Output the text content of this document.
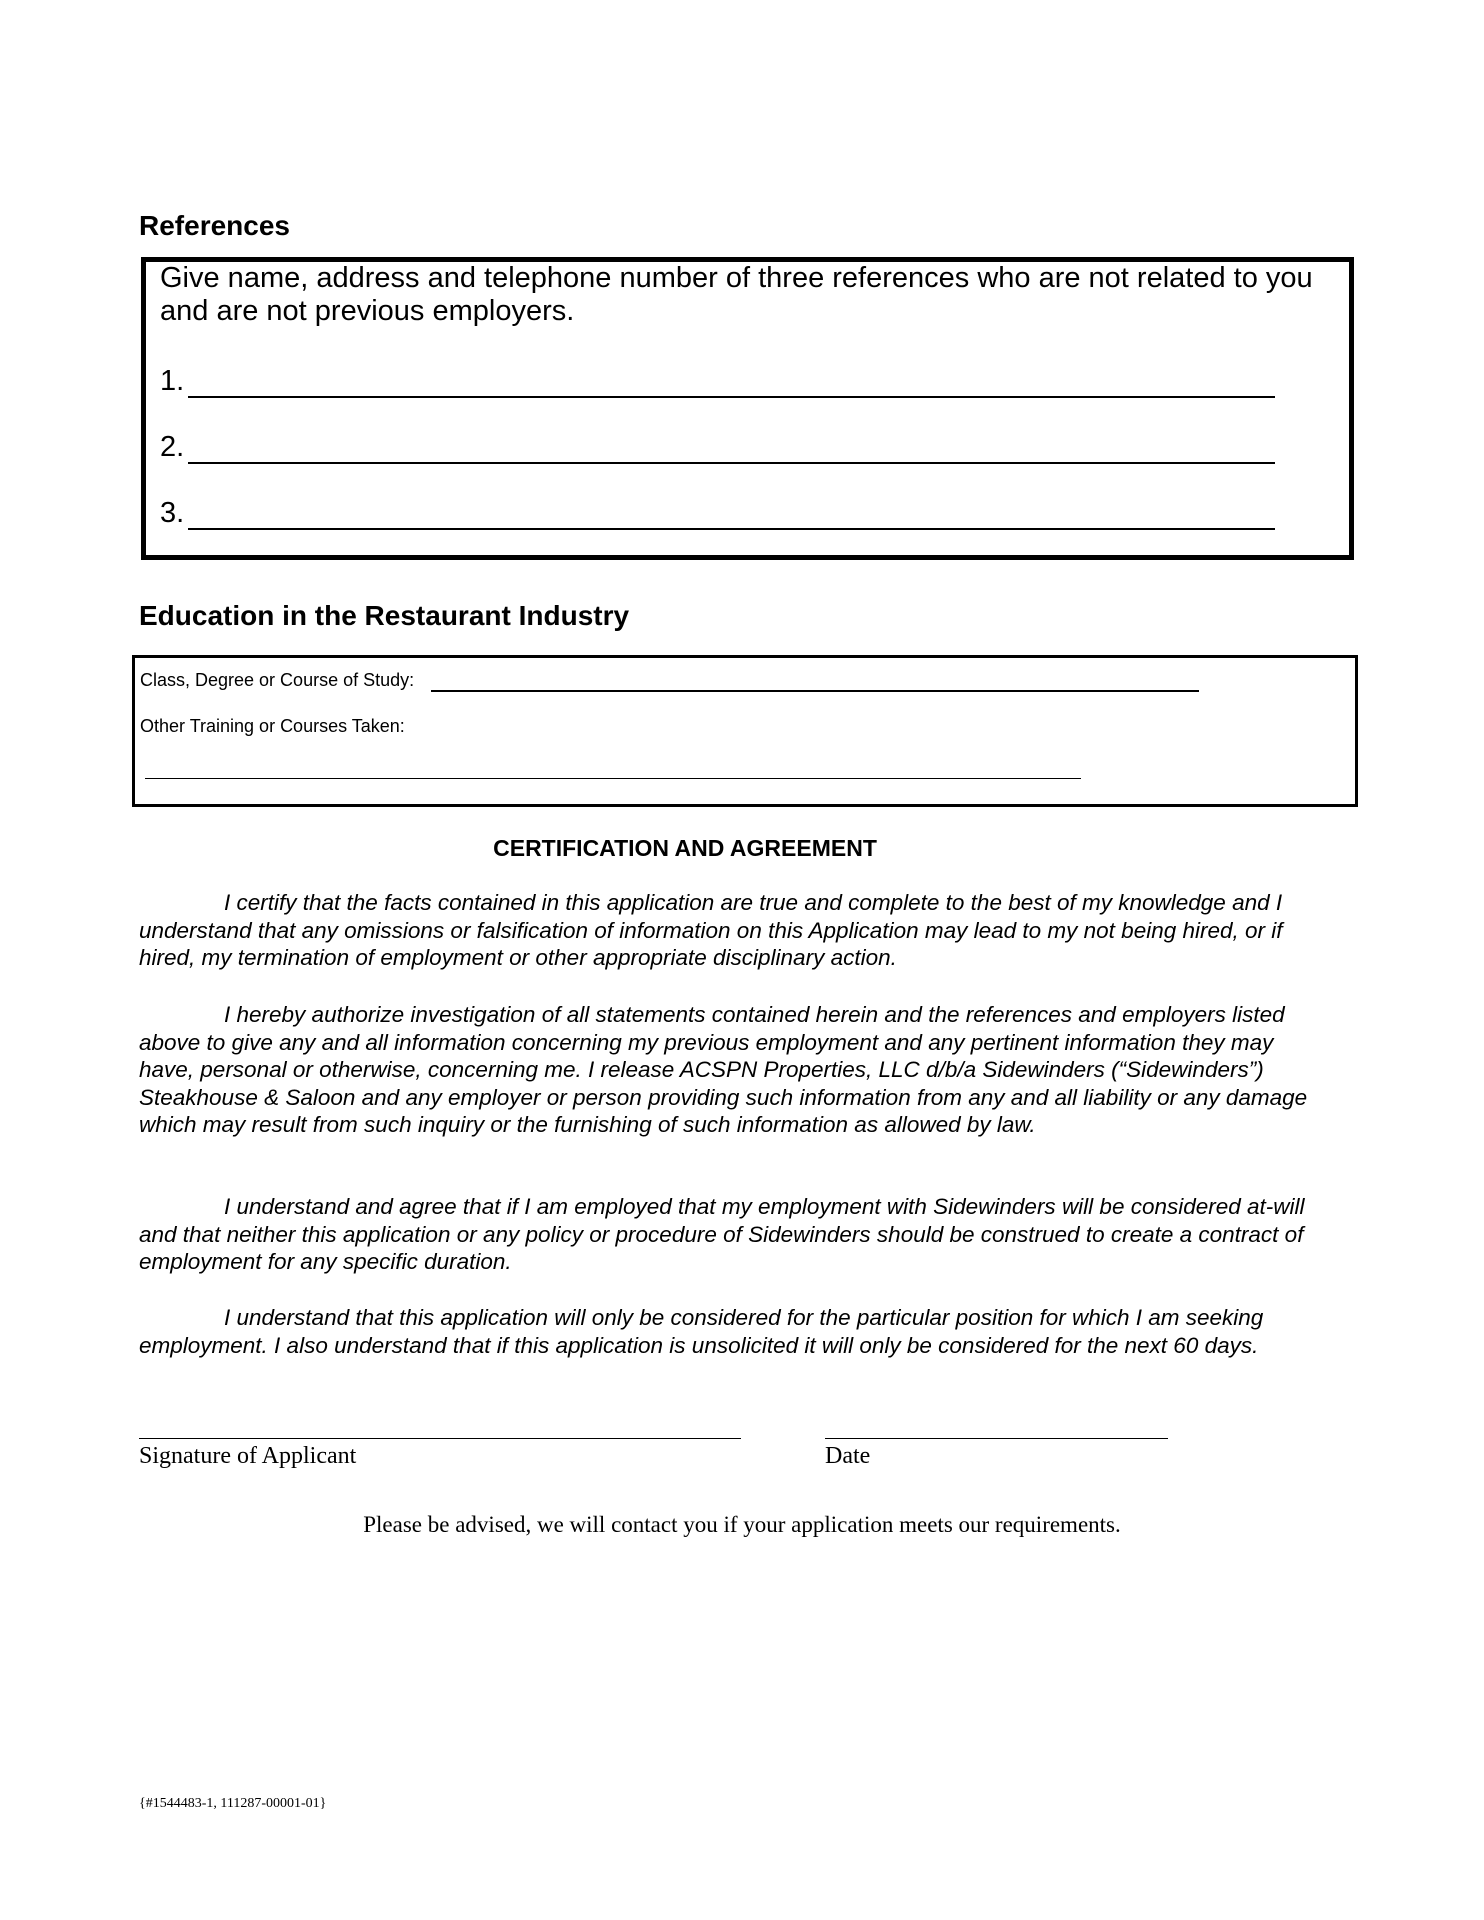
References

Give name, address and telephone number of three references who are not related to you and are not previous employers.

1.
2.
3.
Education in the Restaurant Industry

Class, Degree or Course of Study:

Other Training or Courses Taken:

CERTIFICATION AND AGREEMENT

I certify that the facts contained in this application are true and complete to the best of my knowledge and I understand that any omissions or falsification of information on this Application may lead to my not being hired, or if hired, my termination of employment or other appropriate disciplinary action.

I hereby authorize investigation of all statements contained herein and the references and employers listed above to give any and all information concerning my previous employment and any pertinent information they may have, personal or otherwise, concerning me. I release ACSPN Properties, LLC d/b/a Sidewinders (“Sidewinders”) Steakhouse & Saloon and any employer or person providing such information from any and all liability or any damage which may result from such inquiry or the furnishing of such information as allowed by law.

I understand and agree that if I am employed that my employment with Sidewinders will be considered at-will and that neither this application or any policy or procedure of Sidewinders should be construed to create a contract of employment for any specific duration.

I understand that this application will only be considered for the particular position for which I am seeking employment. I also understand that if this application is unsolicited it will only be considered for the next 60 days.

Signature of Applicant	Date

Please be advised, we will contact you if your application meets our requirements.

{#1544483-1, 111287-00001-01}
